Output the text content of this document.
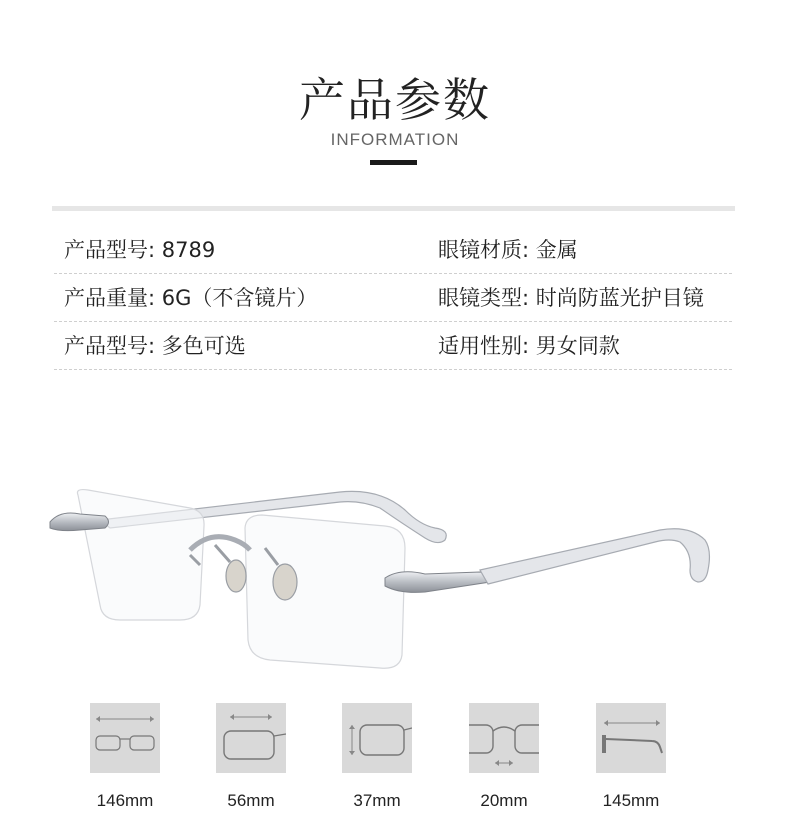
产品参数
INFORMATION
产品型号: 8789	眼镜材质: 金属
产品重量: 6G（不含镜片）	眼镜类型: 时尚防蓝光护目镜
产品型号: 多色可选	适用性别: 男女同款
146mm	56mm	37mm	20mm	145mm
